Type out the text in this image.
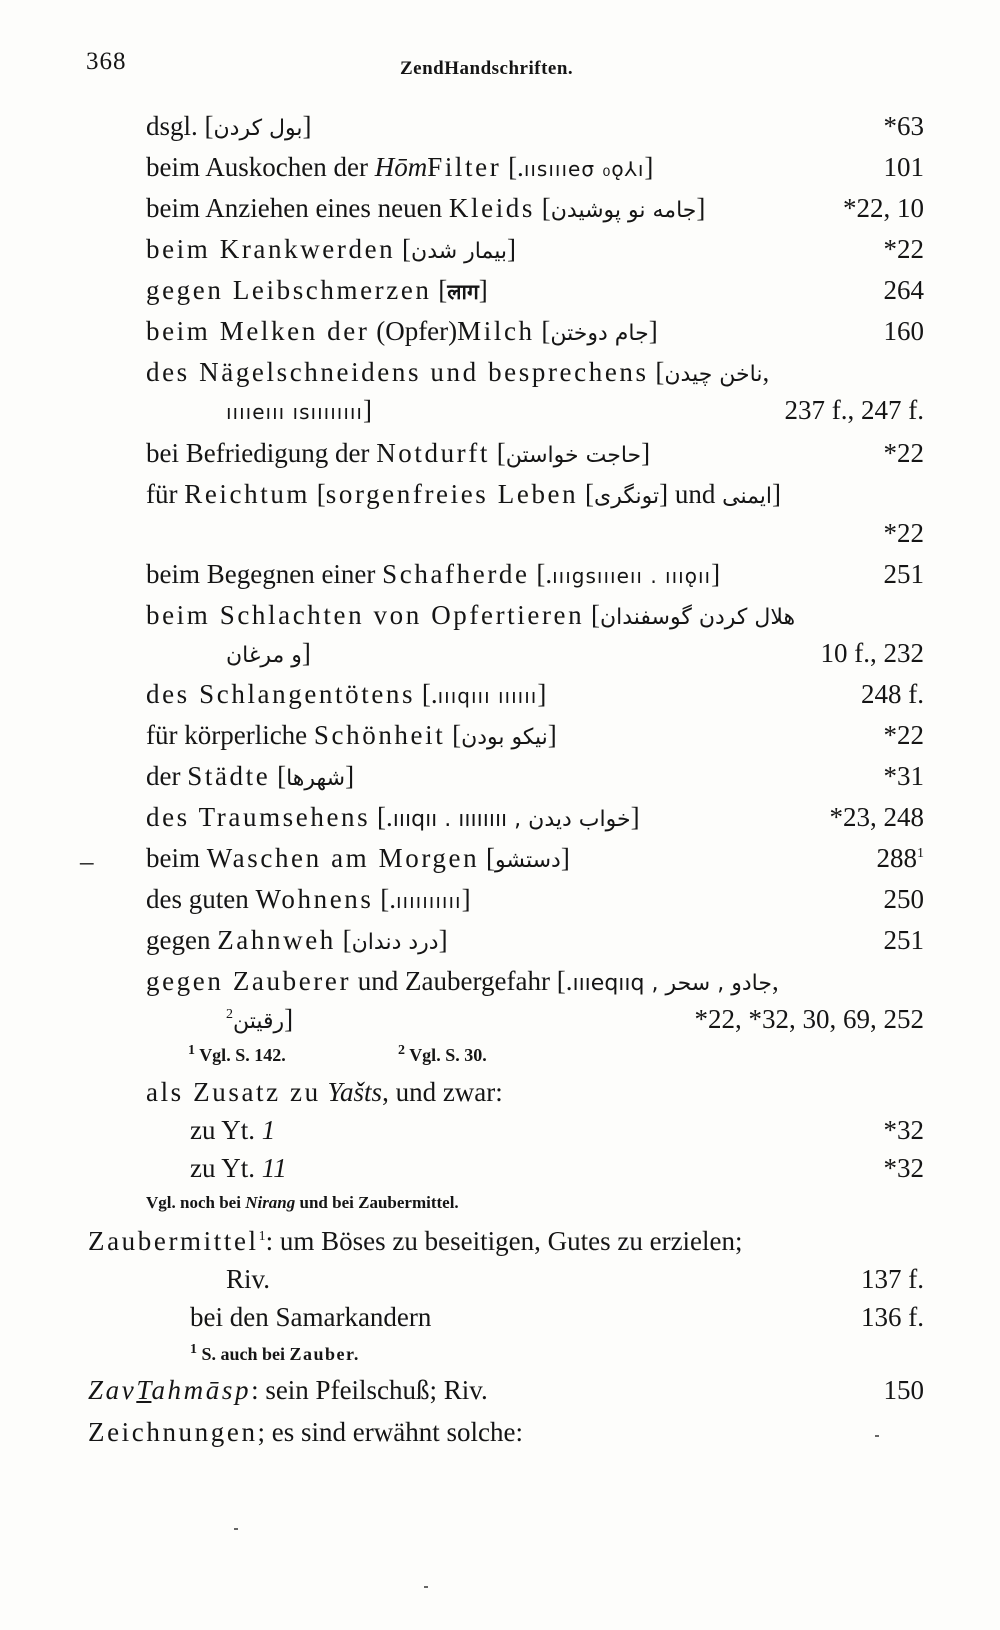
368	ZendHandschriften.
dsgl. [بول کردن]	*63
beim Auskochen der HōmFilter [.ıısıııeσ ₀ǫ⅄ı]	101
beim Anziehen eines neuen Kleids [جامه نو پوشیدن]	*22, 10
beim Krankwerden [بیمار شدن]	*22
gegen Leibschmerzen [लाग]	264
beim Melken der (Opfer)Milch [جام دوختن]	160
des Nägelschneidens und besprechens [ناخن چیدن,
ııııeııı ısıııııııı]	237 f., 247 f.
bei Befriedigung der Notdurft [حاجت خواستن]	*22
für Reichtum [sorgenfreies Leben [تونگری] und ایمنی]
*22
beim Begegnen einer Schafherde [.ıııgsıııeıı . ıııǫıı]	251
beim Schlachten von Opfertieren [هلال کردن گوسفندان
و مرغان]	10 f., 232
des Schlangentötens [.ıııqııı ıııııı]	248 f.
für körperliche Schönheit [نیکو بودن]	*22
der Städte [شهرها]	*31
des Traumsehens [.ıııqıı . ıııııııı , خواب دیدن]	*23, 248
beim Waschen am Morgen [دستشو]	$288^1$
des guten Wohnens [.ıııııııııı]	250
gegen Zahnweh [درد دندان]	251
gegen Zauberer und Zaubergefahr [.ıııeqııq , جادو , سحر,
رقیتن$^2$ ]	*22, *32, 30, 69, 252
–
$^1$ Vgl. S. 142.	$^2$ Vgl. S. 30.
als Zusatz zu Yašts, und zwar:
zu Yt. 1	*32
zu Yt. 11	*32
Vgl. noch bei Nirang und bei Zaubermittel.
Zaubermittel$^1$: um Böses zu beseitigen, Gutes zu erzielen;
Riv.	137 f.
bei den Samarkandern	136 f.
$^1$ S. auch bei Zauber.
ZavTahmāsp: sein Pfeilschuß; Riv.	150
Zeichnungen; es sind erwähnt solche:
